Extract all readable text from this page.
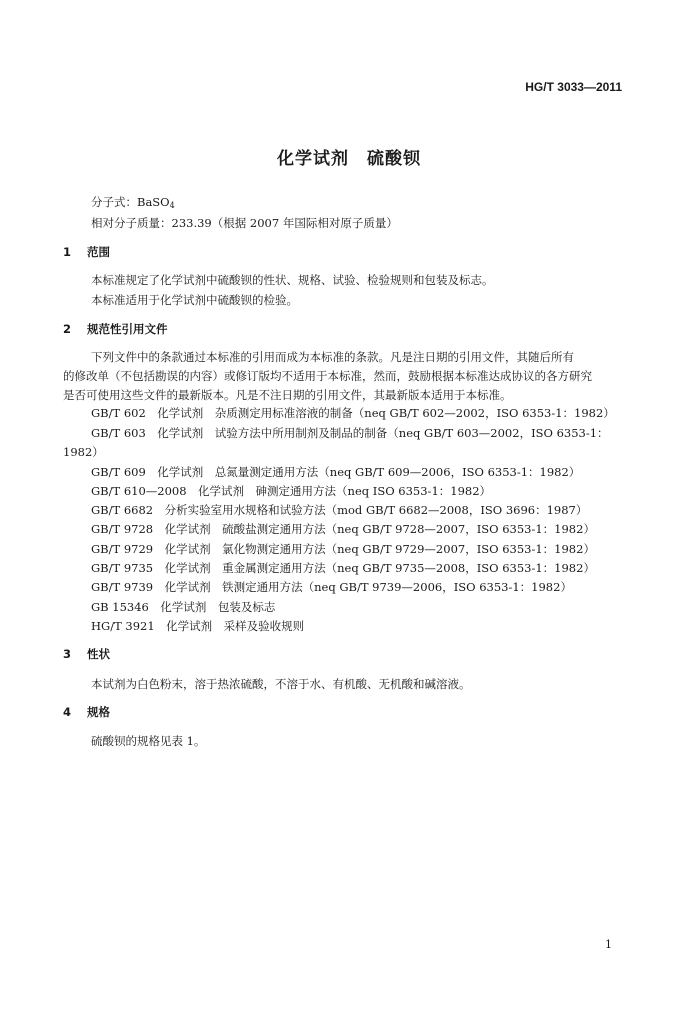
HG/T 3033—2011
化学试剂 硫酸钡
分子式：BaSO$_4$
相对分子质量：233.39（根据 2007 年国际相对原子质量）
1 范围
本标准规定了化学试剂中硫酸钡的性状、规格、试验、检验规则和包装及标志。
本标准适用于化学试剂中硫酸钡的检验。
2 规范性引用文件
下列文件中的条款通过本标准的引用而成为本标准的条款。凡是注日期的引用文件，其随后所有
的修改单（不包括勘误的内容）或修订版均不适用于本标准，然而，鼓励根据本标准达成协议的各方研究
是否可使用这些文件的最新版本。凡是不注日期的引用文件，其最新版本适用于本标准。
GB/T 602　化学试剂　杂质测定用标准溶液的制备（neq GB/T 602—2002，ISO 6353-1：1982）
GB/T 603　化学试剂　试验方法中所用制剂及制品的制备（neq GB/T 603—2002，ISO 6353-1：
1982）
GB/T 609　化学试剂　总氮量测定通用方法（neq GB/T 609—2006，ISO 6353-1：1982）
GB/T 610—2008　化学试剂　砷测定通用方法（neq ISO 6353-1：1982）
GB/T 6682　分析实验室用水规格和试验方法（mod GB/T 6682—2008，ISO 3696：1987）
GB/T 9728　化学试剂　硫酸盐测定通用方法（neq GB/T 9728—2007，ISO 6353-1：1982）
GB/T 9729　化学试剂　氯化物测定通用方法（neq GB/T 9729—2007，ISO 6353-1：1982）
GB/T 9735　化学试剂　重金属测定通用方法（neq GB/T 9735—2008，ISO 6353-1：1982）
GB/T 9739　化学试剂　铁测定通用方法（neq GB/T 9739—2006，ISO 6353-1：1982）
GB 15346　化学试剂　包装及标志
HG/T 3921　化学试剂　采样及验收规则
3 性状
本试剂为白色粉末，溶于热浓硫酸，不溶于水、有机酸、无机酸和碱溶液。
4 规格
硫酸钡的规格见表 1。
1
